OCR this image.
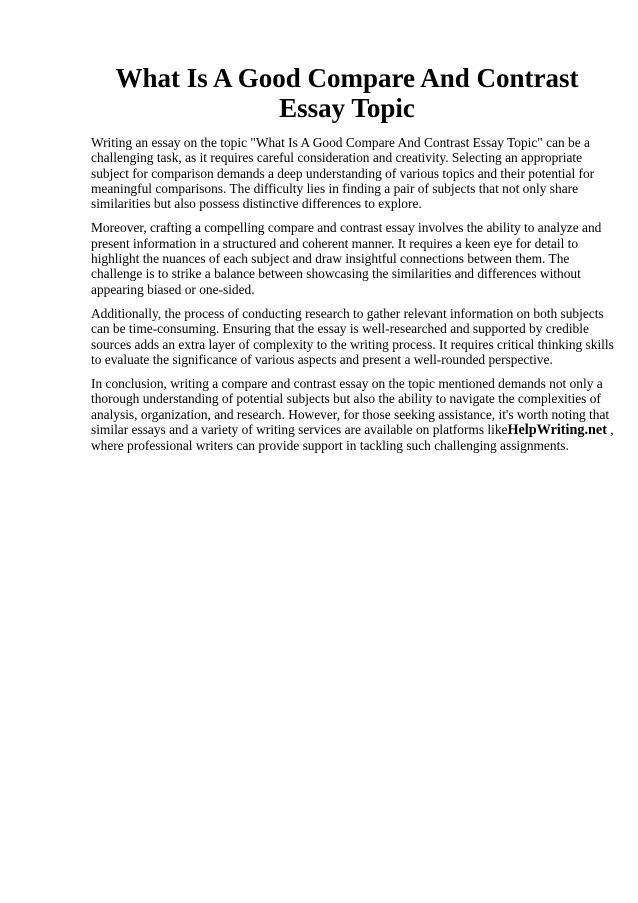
What Is A Good Compare And Contrast
Essay Topic

Writing an essay on the topic "What Is A Good Compare And Contrast Essay Topic" can be a
challenging task, as it requires careful consideration and creativity. Selecting an appropriate
subject for comparison demands a deep understanding of various topics and their potential for
meaningful comparisons. The difficulty lies in finding a pair of subjects that not only share
similarities but also possess distinctive differences to explore.

Moreover, crafting a compelling compare and contrast essay involves the ability to analyze and
present information in a structured and coherent manner. It requires a keen eye for detail to
highlight the nuances of each subject and draw insightful connections between them. The
challenge is to strike a balance between showcasing the similarities and differences without
appearing biased or one-sided.

Additionally, the process of conducting research to gather relevant information on both subjects
can be time-consuming. Ensuring that the essay is well-researched and supported by credible
sources adds an extra layer of complexity to the writing process. It requires critical thinking skills
to evaluate the significance of various aspects and present a well-rounded perspective.

In conclusion, writing a compare and contrast essay on the topic mentioned demands not only a
thorough understanding of potential subjects but also the ability to navigate the complexities of
analysis, organization, and research. However, for those seeking assistance, it's worth noting that
similar essays and a variety of writing services are available on platforms likeHelpWriting.net ,
where professional writers can provide support in tackling such challenging assignments.
